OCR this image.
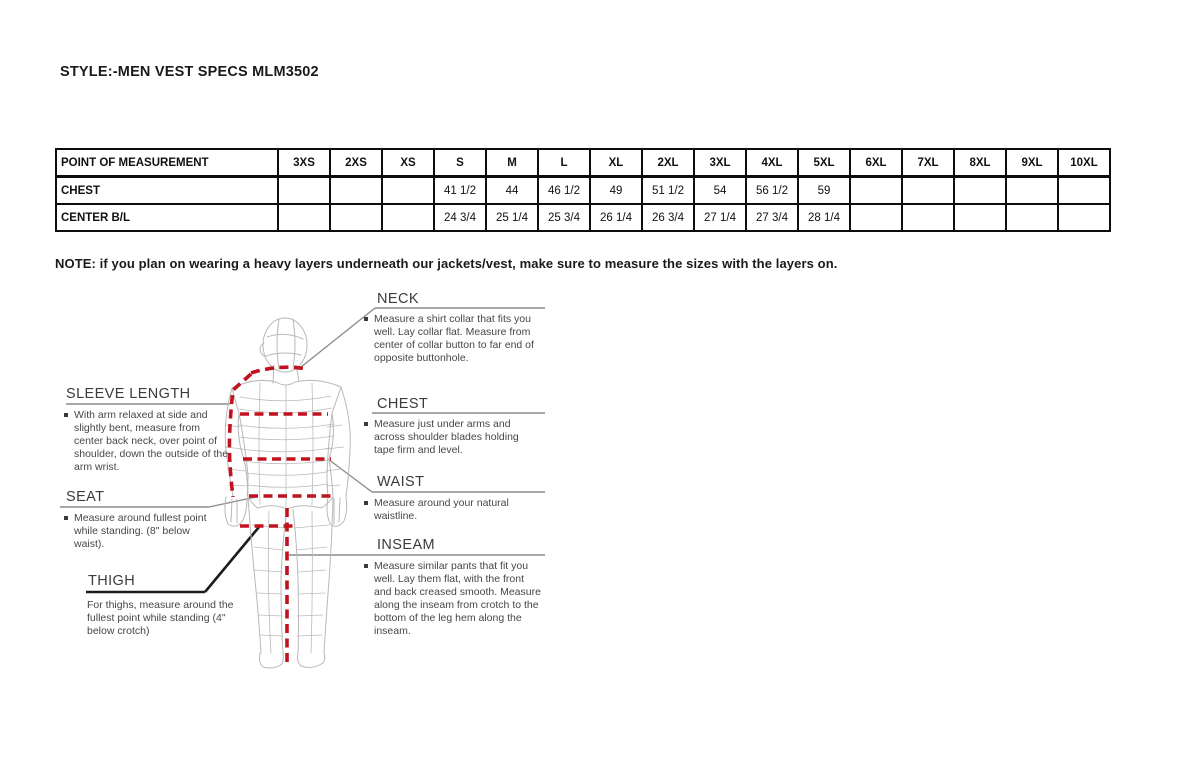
STYLE:-MEN VEST SPECS MLM3502
POINT OF MEASUREMENT	3XS	2XS	XS	S	M	L	XL	2XL	3XL	4XL	5XL	6XL	7XL	8XL	9XL	10XL
CHEST				41 1/2	44	46 1/2	49	51 1/2	54	56 1/2	59					
CENTER B/L				24 3/4	25 1/4	25 3/4	26 1/4	26 3/4	27 1/4	27 3/4	28 1/4					
NOTE: if you plan on wearing a heavy layers underneath our jackets/vest, make sure to measure the sizes with the layers on.
NECK
Measure a shirt collar that fits you well. Lay collar flat. Measure from center of collar button to far end of opposite buttonhole.
CHEST
Measure just under arms and across shoulder blades holding tape firm and level.
WAIST
Measure around your natural waistline.
INSEAM
Measure similar pants that fit you well. Lay them flat, with the front and back creased smooth. Measure along the inseam from crotch to the bottom of the leg hem along the inseam.
SLEEVE LENGTH
With arm relaxed at side and slightly bent, measure from center back neck, over point of shoulder, down the outside of the arm wrist.
SEAT
Measure around fullest point while standing. (8" below waist).
THIGH
For thighs, measure around the fullest point while standing (4" below crotch)
